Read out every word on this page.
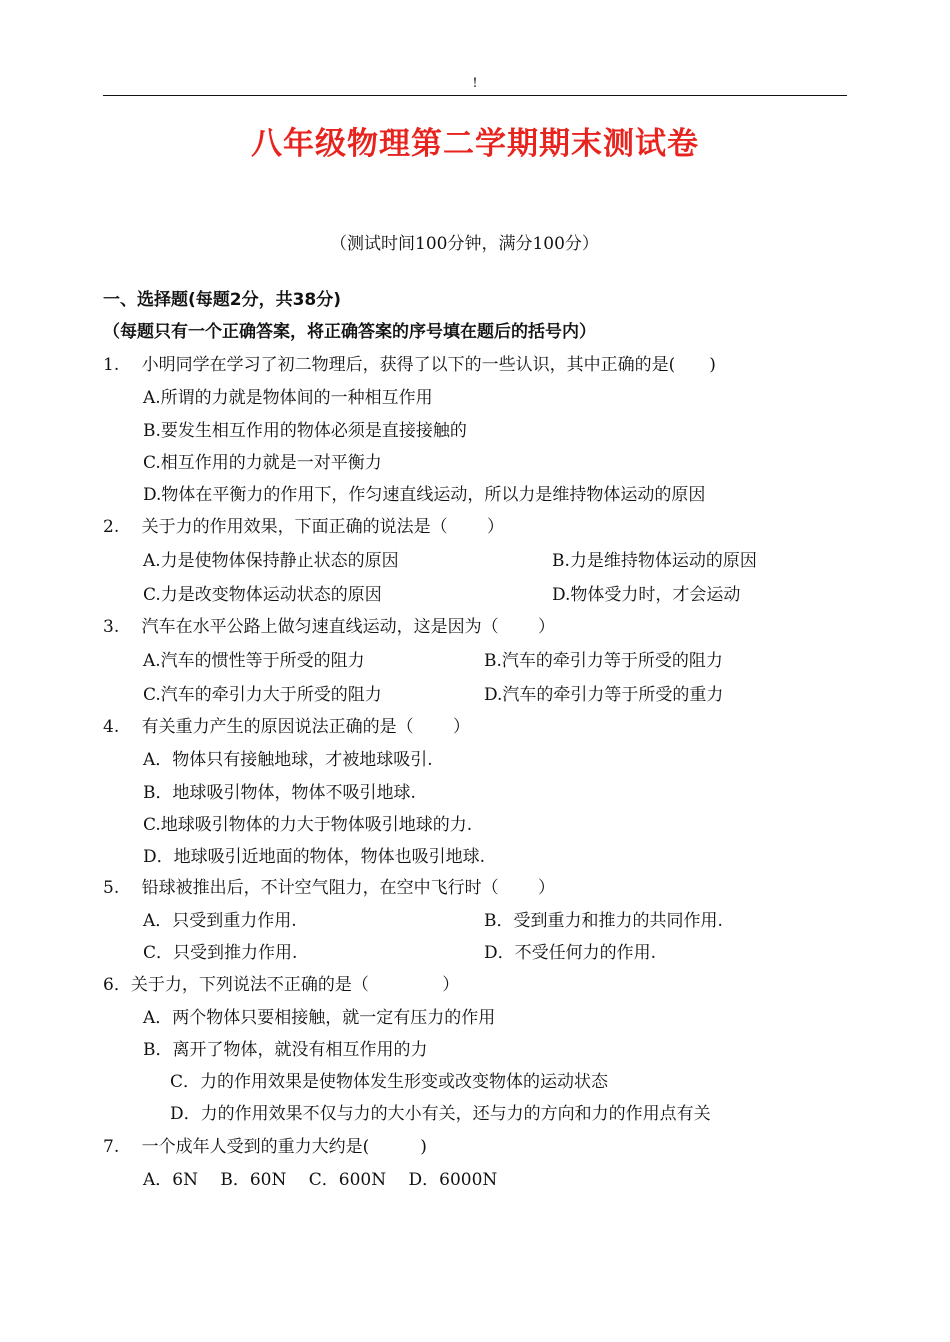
!
八年级物理第二学期期末测试卷
（测试时间100分钟，满分100分）
一、选择题(每题2分，共38分)
（每题只有一个正确答案，将正确答案的序号填在题后的括号内）
1.　 小明同学在学习了初二物理后，获得了以下的一些认识，其中正确的是(　　)
A.所谓的力就是物体间的一种相互作用
B.要发生相互作用的物体必须是直接接触的
C.相互作用的力就是一对平衡力
D.物体在平衡力的作用下，作匀速直线运动，所以力是维持物体运动的原因
2.　 关于力的作用效果，下面正确的说法是（　　 ）
A.力是使物体保持静止状态的原因	B.力是维持物体运动的原因
C.力是改变物体运动状态的原因	D.物体受力时，才会运动
3.　 汽车在水平公路上做匀速直线运动，这是因为（　　 ）
A.汽车的惯性等于所受的阻力	B.汽车的牵引力等于所受的阻力
C.汽车的牵引力大于所受的阻力	D.汽车的牵引力等于所受的重力
4.　 有关重力产生的原因说法正确的是（　　 ）
A．物体只有接触地球，才被地球吸引.
B．地球吸引物体，物体不吸引地球.
C.地球吸引物体的力大于物体吸引地球的力.
D．地球吸引近地面的物体，物体也吸引地球.
5.　 铅球被推出后，不计空气阻力，在空中飞行时（　　 ）
A．只受到重力作用.	B．受到重力和推力的共同作用.
C．只受到推力作用.	D．不受任何力的作用.
6．关于力，下列说法不正确的是（　　　　 ）
A．两个物体只要相接触，就一定有压力的作用
B．离开了物体，就没有相互作用的力
C．力的作用效果是使物体发生形变或改变物体的运动状态
D．力的作用效果不仅与力的大小有关，还与力的方向和力的作用点有关
7.　 一个成年人受到的重力大约是(　　　)
A．6N　 B．60N　 C．600N　 D．6000N
